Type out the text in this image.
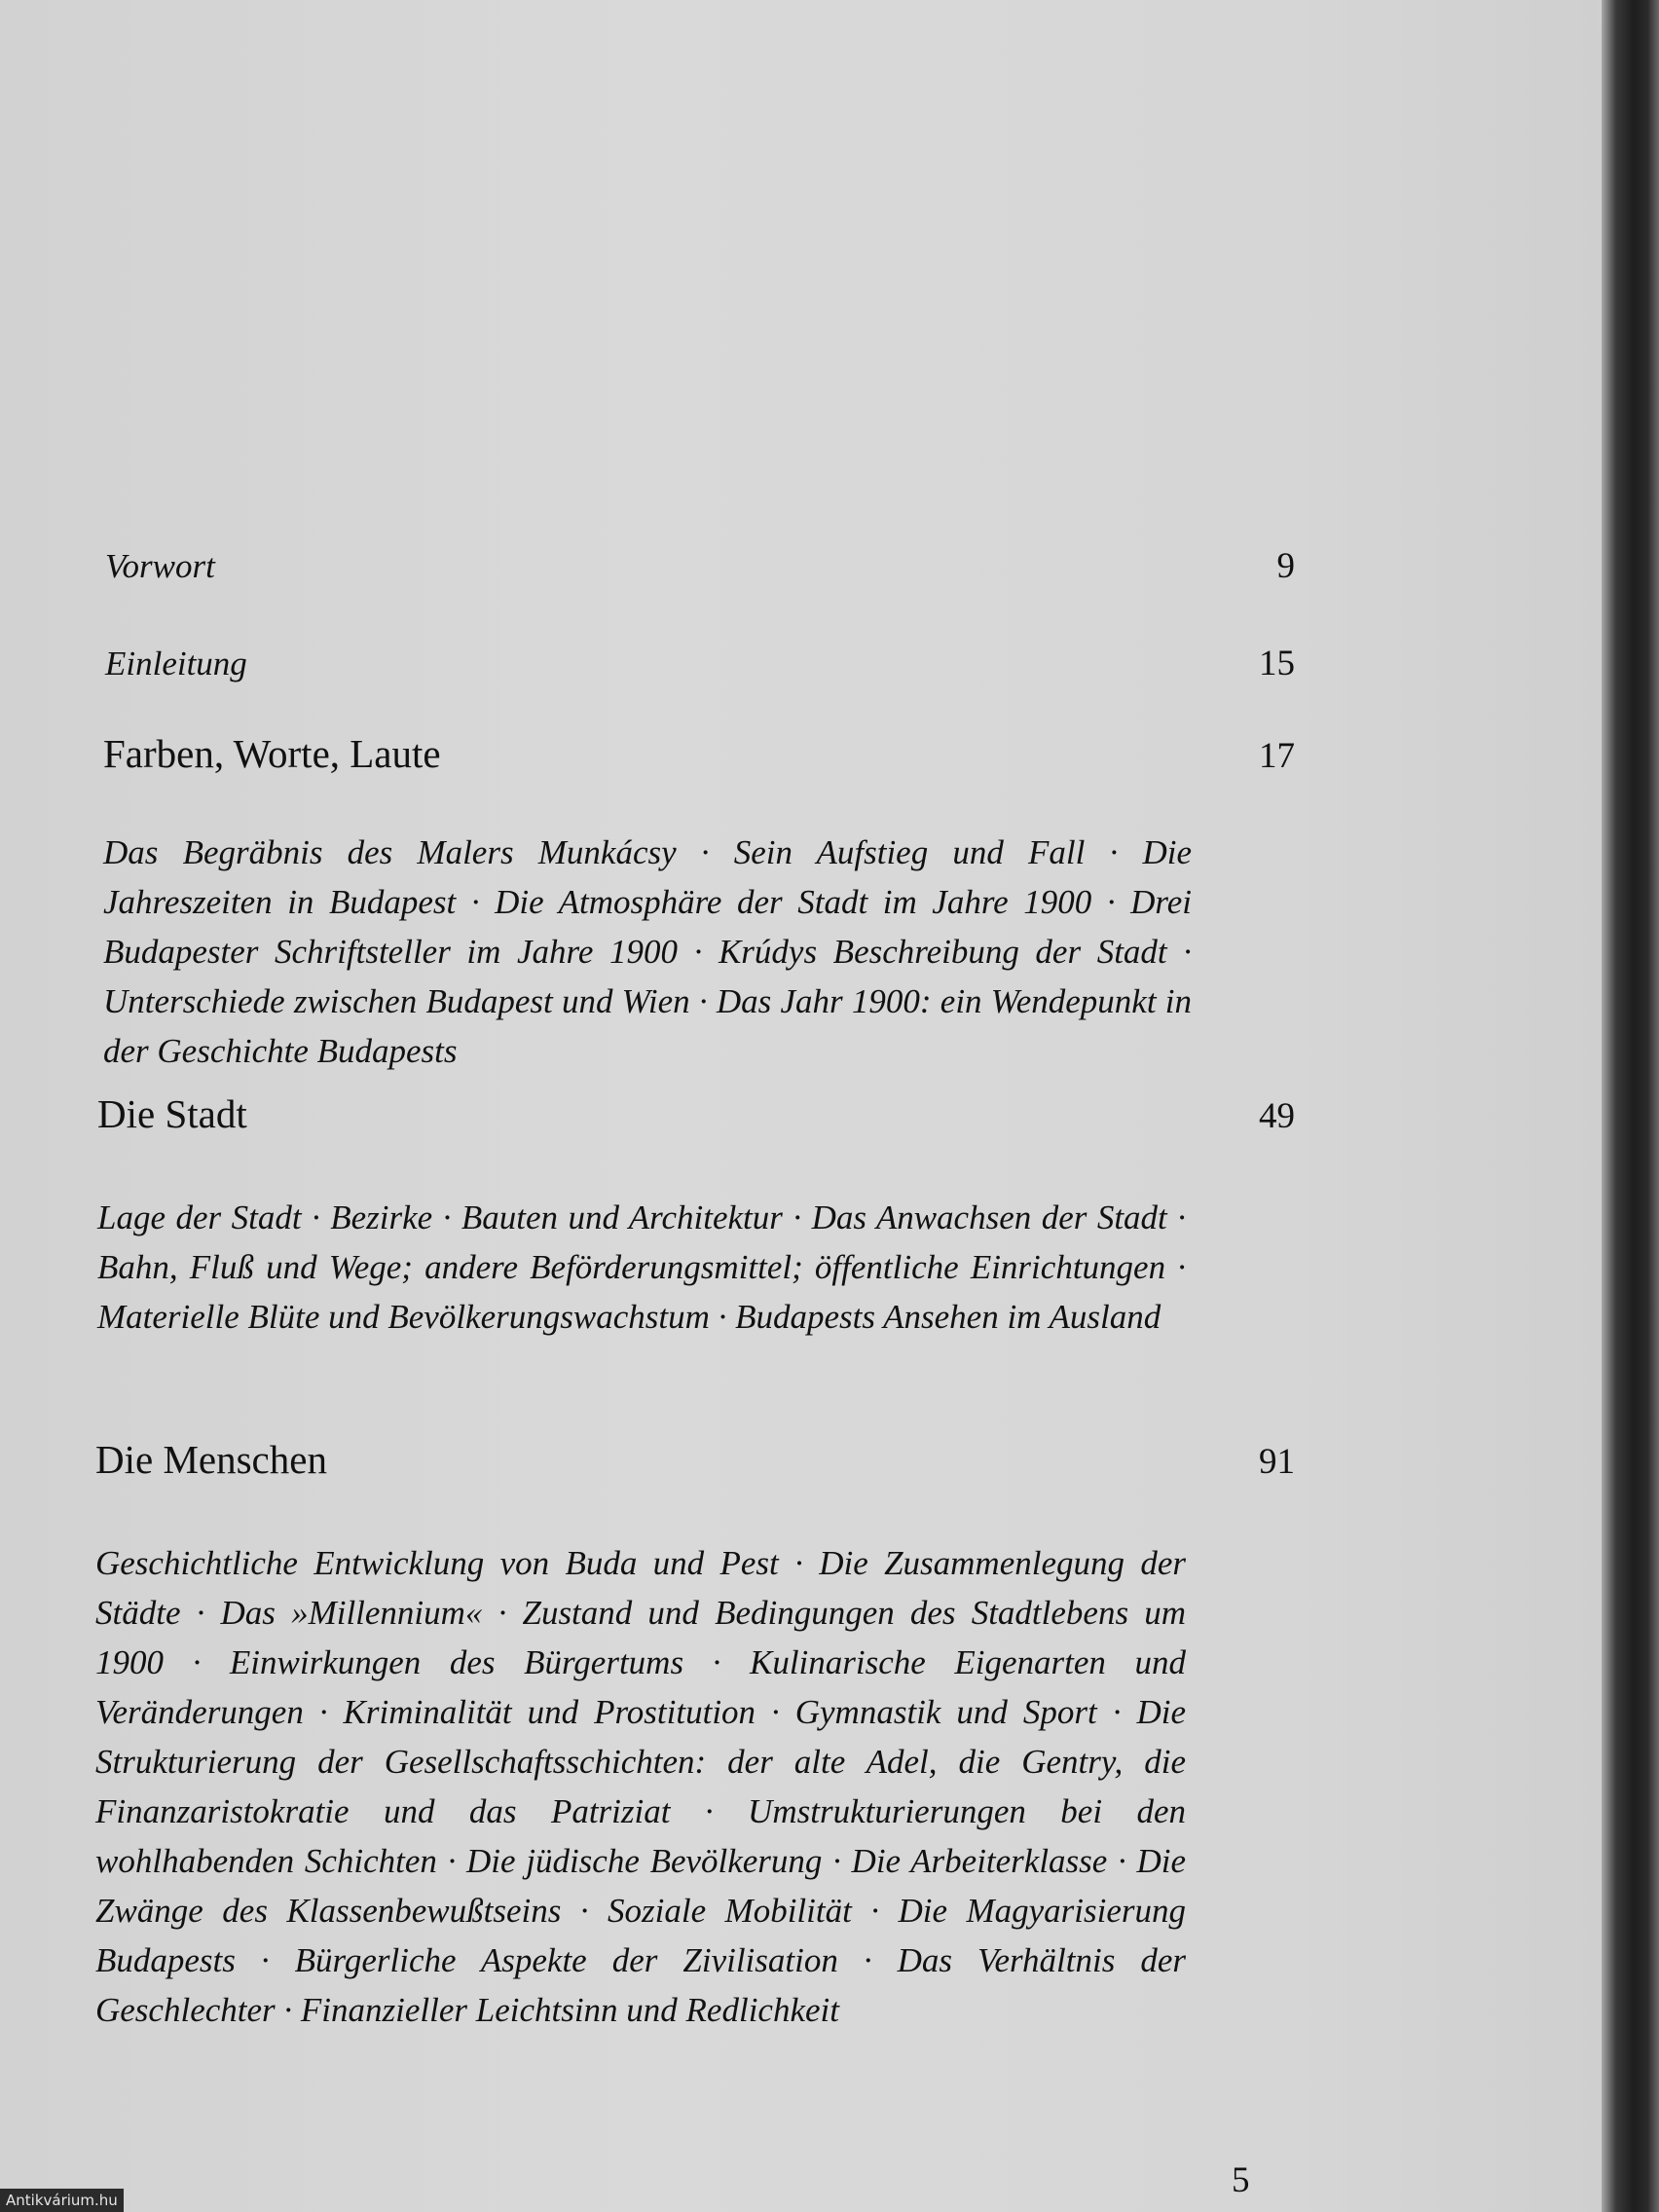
Vorwort	9
Einleitung	15
Farben, Worte, Laute	17

Das Begräbnis des Malers Munkácsy · Sein Aufstieg und Fall · Die Jahreszeiten in Budapest · Die Atmosphäre der Stadt im Jahre 1900 · Drei Budapester Schriftsteller im Jahre 1900 · Krúdys Beschreibung der Stadt · Unterschiede zwischen Budapest und Wien · Das Jahr 1900: ein Wendepunkt in der Geschichte Budapests

Die Stadt	49

Lage der Stadt · Bezirke · Bauten und Architektur · Das Anwachsen der Stadt · Bahn, Fluß und Wege; andere Beförderungsmittel; öffentliche Einrichtungen · Materielle Blüte und Bevölkerungswachstum · Budapests Ansehen im Ausland

Die Menschen	91

Geschichtliche Entwicklung von Buda und Pest · Die Zusammenlegung der Städte · Das »Millennium« · Zustand und Bedingungen des Stadtlebens um 1900 · Einwirkungen des Bürgertums · Kulinarische Eigenarten und Veränderungen · Kriminalität und Prostitution · Gymnastik und Sport · Die Strukturierung der Gesellschaftsschichten: der alte Adel, die Gentry, die Finanzaristokratie und das Patriziat · Umstrukturierungen bei den wohlhabenden Schichten · Die jüdische Bevölkerung · Die Arbeiterklasse · Die Zwänge des Klassenbewußtseins · Soziale Mobilität · Die Magyarisierung Budapests · Bürgerliche Aspekte der Zivilisation · Das Verhältnis der Geschlechter · Finanzieller Leichtsinn und Redlichkeit

5
Antikvárium.hu
